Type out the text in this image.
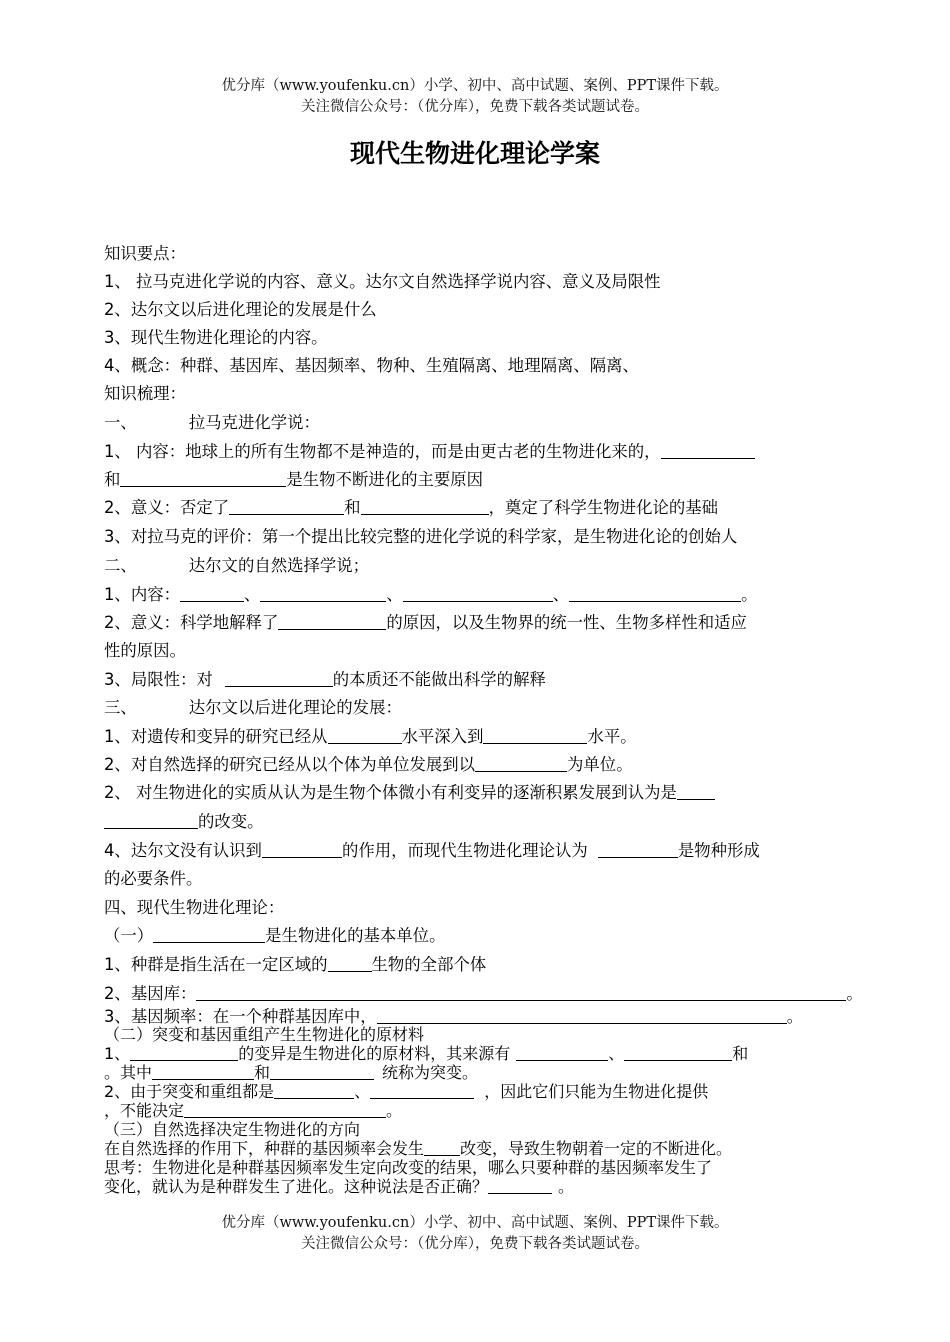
优分库（www.youfenku.cn）小学、初中、高中试题、案例、PPT课件下载。
关注微信公众号：（优分库），免费下载各类试题试卷。
现代生物进化理论学案
知识要点：
1、 拉马克进化学说的内容、意义。达尔文自然选择学说内容、意义及局限性
2、达尔文以后进化理论的发展是什么
3、现代生物进化理论的内容。
4、概念：种群、基因库、基因频率、物种、生殖隔离、地理隔离、隔离、
知识梳理：
一、	拉马克进化学说：
1、 内容：地球上的所有生物都不是神造的，而是由更古老的生物进化来的，
和	是生物不断进化的主要原因
2、意义：否定了	和	，奠定了科学生物进化论的基础
3、对拉马克的评价：第一个提出比较完整的进化学说的科学家，是生物进化论的创始人
二、	达尔文的自然选择学说；
1、内容：	、	、	、	。
2、意义：科学地解释了	的原因，以及生物界的统一性、生物多样性和适应
性的原因。
3、局限性：对	的本质还不能做出科学的解释
三、	达尔文以后进化理论的发展：
1、对遗传和变异的研究已经从	水平深入到	水平。
2、对自然选择的研究已经从以个体为单位发展到以	为单位。
2、 对生物进化的实质从认为是生物个体微小有利变异的逐渐积累发展到认为是
的改变。
4、达尔文没有认识到	的作用，而现代生物进化理论认为	是物种形成
的必要条件。
四、现代生物进化理论：
（一）	是生物进化的基本单位。
1、种群是指生活在一定区域的	生物的全部个体
2、基因库：	。
3、基因频率：在一个种群基因库中，	。
（二）突变和基因重组产生生物进化的原材料
1、	的变异是生物进化的原材料，其来源有	、	和
。其中	和	统称为突变。
2、由于突变和重组都是	、	，因此它们只能为生物进化提供
，不能决定	。
（三）自然选择决定生物进化的方向
在自然选择的作用下，种群的基因频率会发生 改变，导致生物朝着一定的不断进化。
思考：生物进化是种群基因频率发生定向改变的结果，哪么只要种群的基因频率发生了
变化，就认为是种群发生了进化。这种说法是否正确？	。
优分库（www.youfenku.cn）小学、初中、高中试题、案例、PPT课件下载。
关注微信公众号：（优分库），免费下载各类试题试卷。
